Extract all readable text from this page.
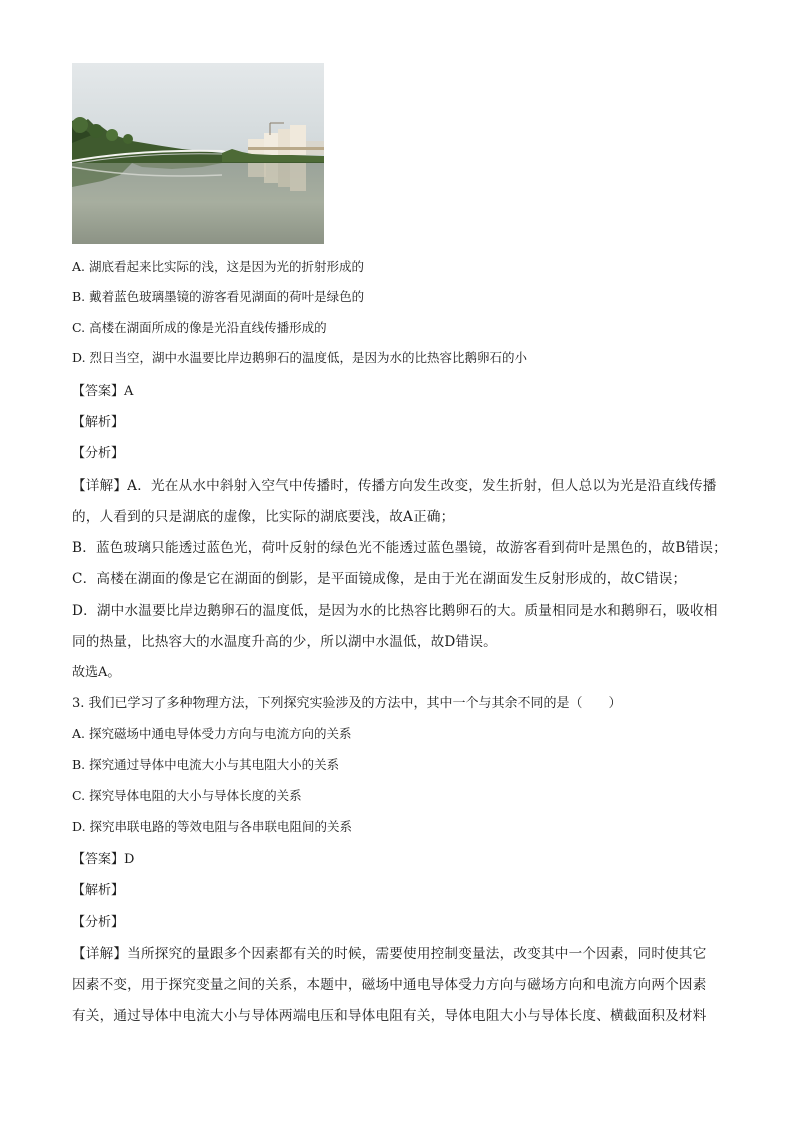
A. 湖底看起来比实际的浅，这是因为光的折射形成的
B. 戴着蓝色玻璃墨镜的游客看见湖面的荷叶是绿色的
C. 高楼在湖面所成的像是光沿直线传播形成的
D. 烈日当空，湖中水温要比岸边鹅卵石的温度低，是因为水的比热容比鹅卵石的小
【答案】A
【解析】
【分析】
【详解】A．光在从水中斜射入空气中传播时，传播方向发生改变，发生折射，但人总以为光是沿直线传播
的，人看到的只是湖底的虚像，比实际的湖底要浅，故A正确；
B．蓝色玻璃只能透过蓝色光，荷叶反射的绿色光不能透过蓝色墨镜，故游客看到荷叶是黑色的，故B错误；
C．高楼在湖面的像是它在湖面的倒影，是平面镜成像，是由于光在湖面发生反射形成的，故C错误；
D．湖中水温要比岸边鹅卵石的温度低，是因为水的比热容比鹅卵石的大。质量相同是水和鹅卵石，吸收相
同的热量，比热容大的水温度升高的少，所以湖中水温低，故D错误。
故选A。
3. 我们已学习了多种物理方法，下列探究实验涉及的方法中，其中一个与其余不同的是（　　）
A. 探究磁场中通电导体受力方向与电流方向的关系
B. 探究通过导体中电流大小与其电阻大小的关系
C. 探究导体电阻的大小与导体长度的关系
D. 探究串联电路的等效电阻与各串联电阻间的关系
【答案】D
【解析】
【分析】
【详解】当所探究的量跟多个因素都有关的时候，需要使用控制变量法，改变其中一个因素，同时使其它
因素不变，用于探究变量之间的关系，本题中，磁场中通电导体受力方向与磁场方向和电流方向两个因素
有关，通过导体中电流大小与导体两端电压和导体电阻有关，导体电阻大小与导体长度、横截面积及材料
